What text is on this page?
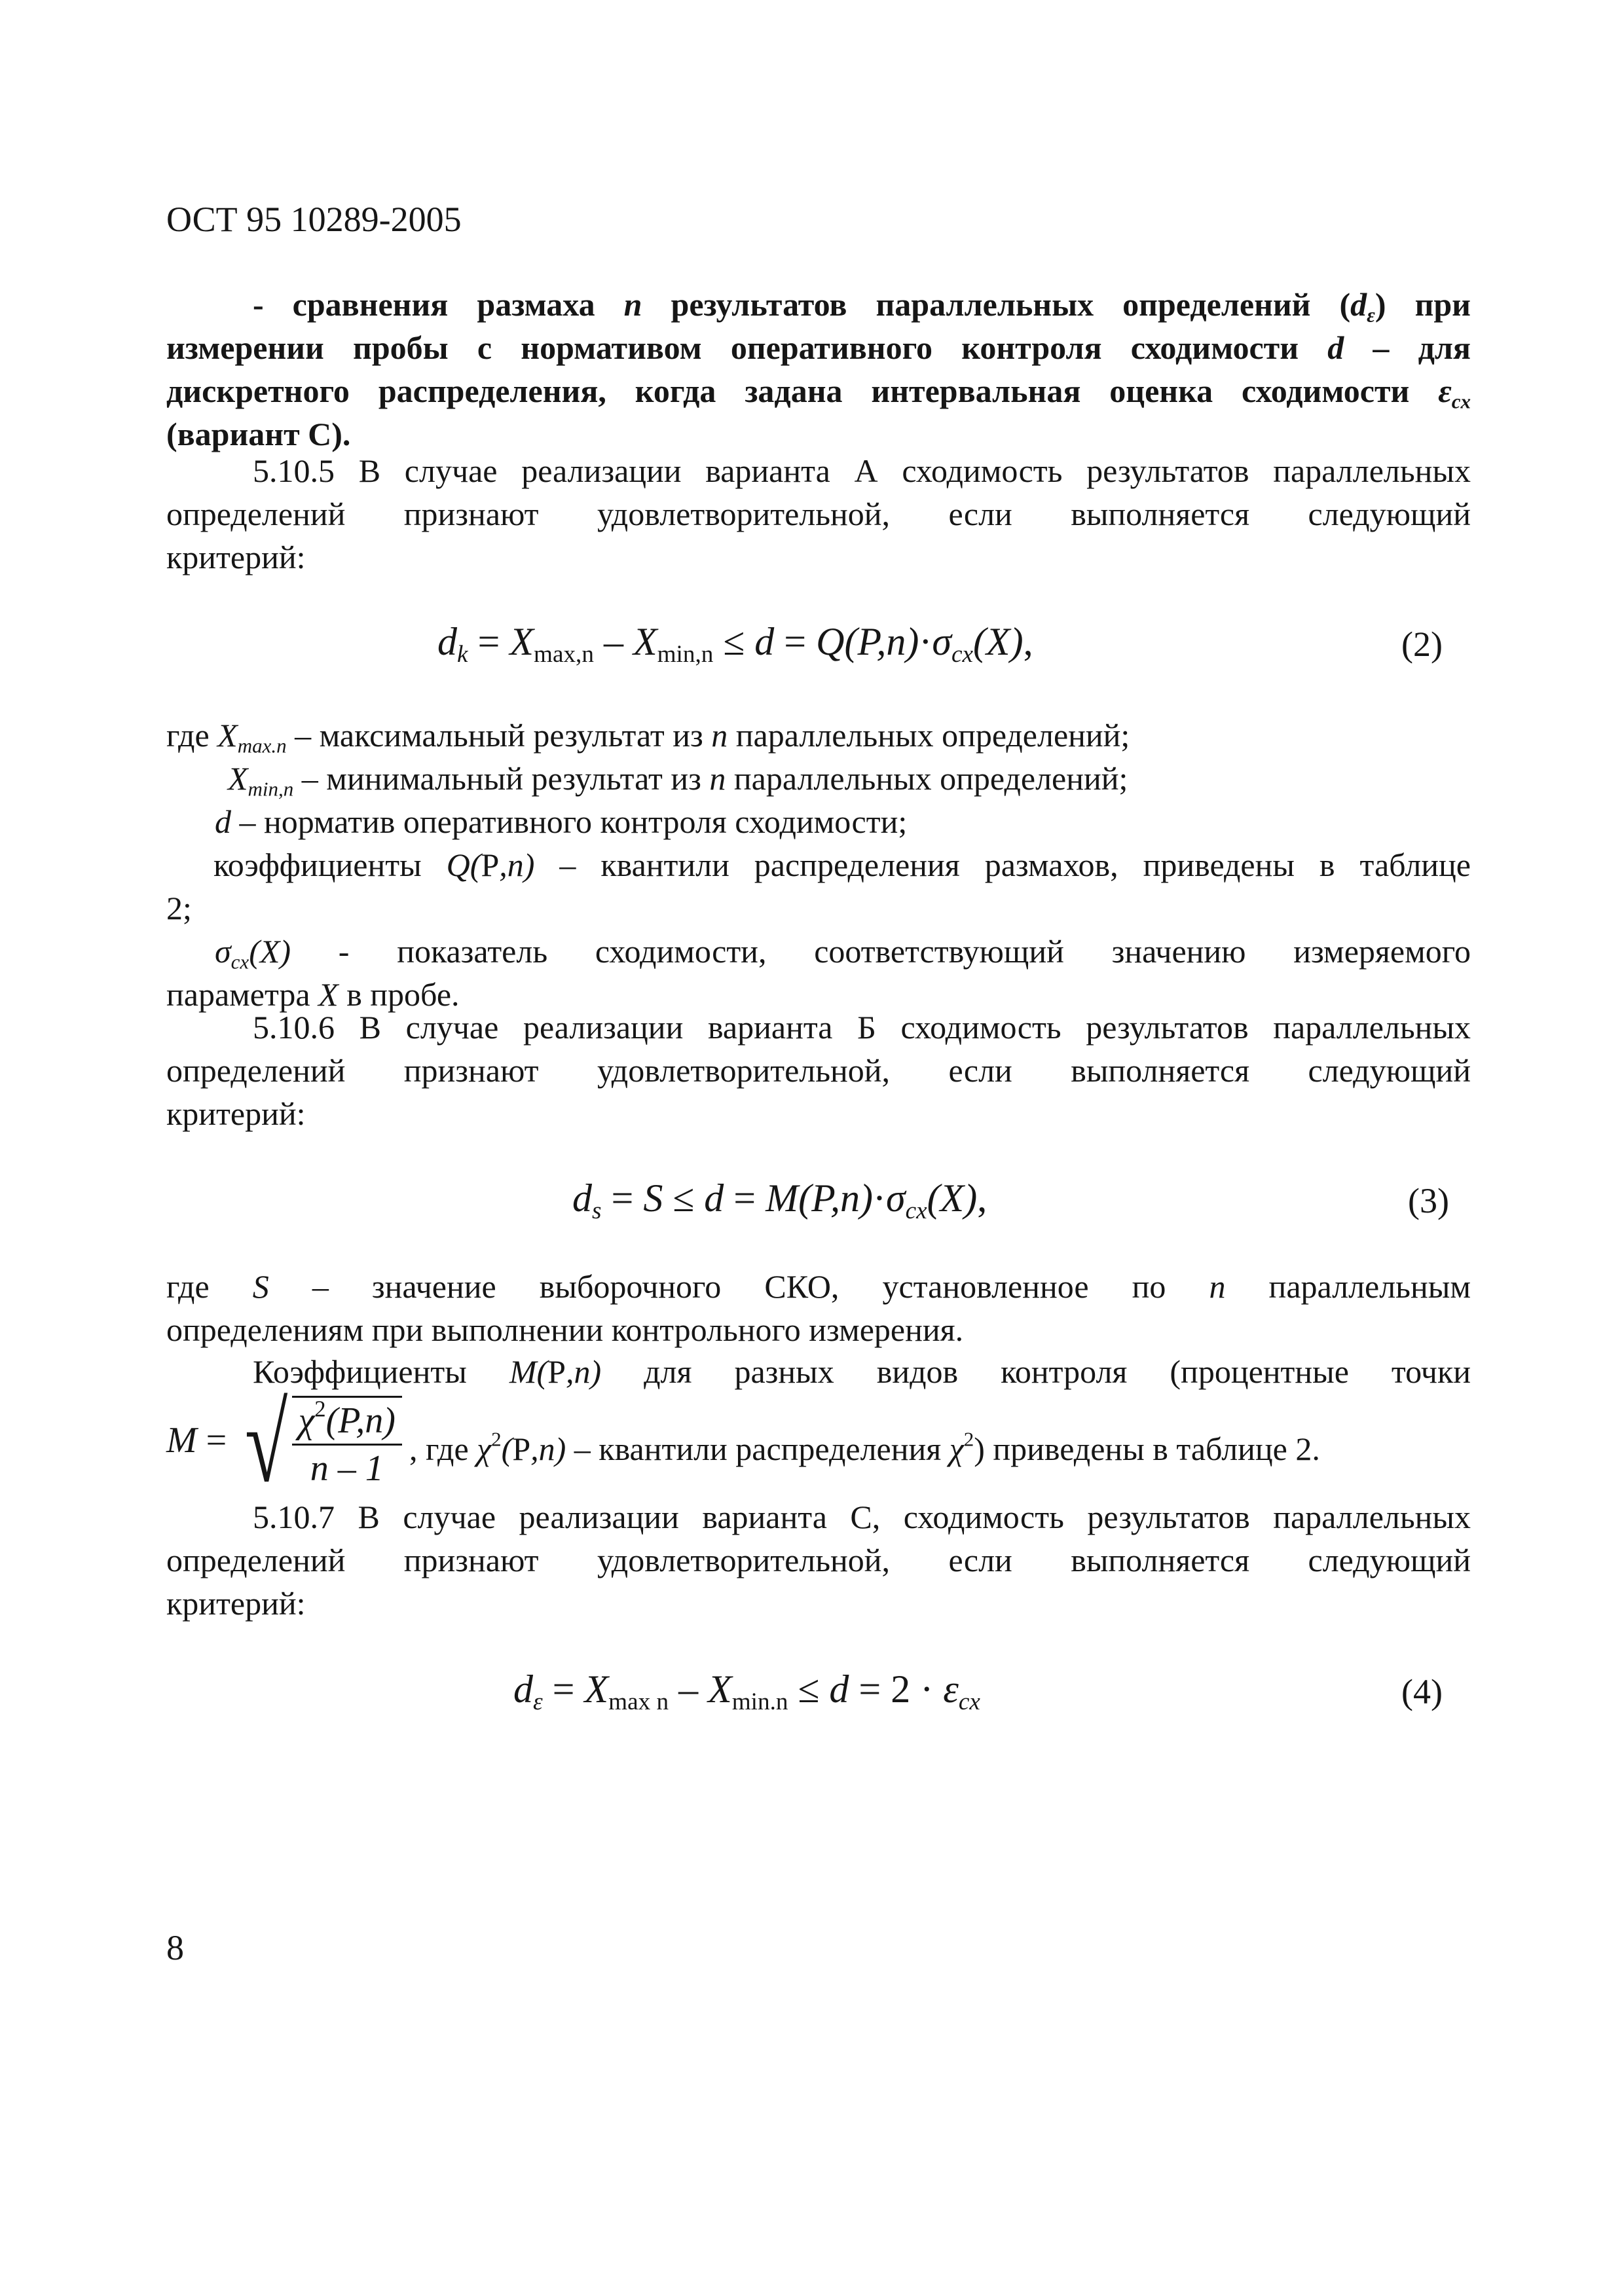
ОСТ 95 10289-2005
- сравнения размаха n результатов параллельных определений $(d_\varepsilon)$ при
измерении пробы с нормативом оперативного контроля сходимости d – для
дискретного распределения, когда задана интервальная оценка сходимости $\varepsilon_{cx}$
(вариант С).
5.10.5 В случае реализации варианта А сходимость результатов параллельных
определений признают удовлетворительной, если выполняется следующий
критерий:
$d_k = X_{max,n} - X_{min,n} \le d = Q(P,n)\cdot\sigma_{cx}(X)$,	(2)
где $X_{max.n}$ – максимальный результат из n параллельных определений;
$X_{min,n}$ – минимальный результат из n параллельных определений;
d – норматив оперативного контроля сходимости;
коэффициенты Q(P,n) – квантили распределения размахов, приведены в таблице
2;
$\sigma_{cx}(X)$ - показатель сходимости, соответствующий значению измеряемого
параметра X в пробе.
5.10.6 В случае реализации варианта Б сходимость результатов параллельных
определений признают удовлетворительной, если выполняется следующий
критерий:
$d_s = S \le d = M(P,n)\cdot\sigma_{cx}(X)$,	(3)
где S – значение выборочного СКО, установленное по n параллельным
определениям при выполнении контрольного измерения.
Коэффициенты M(P,n) для разных видов контроля (процентные точки
M = √ $\frac{\chi^2(P,n)}{n - 1}$ , где $\chi^2(P,n)$ – квантили распределения $\chi^2$) приведены в таблице 2.
5.10.7 В случае реализации варианта С, сходимость результатов параллельных
определений признают удовлетворительной, если выполняется следующий
критерий:
$d_\varepsilon = X_{max n} - X_{min.n} \le d = 2 \cdot \varepsilon_{cx}$	(4)
8
